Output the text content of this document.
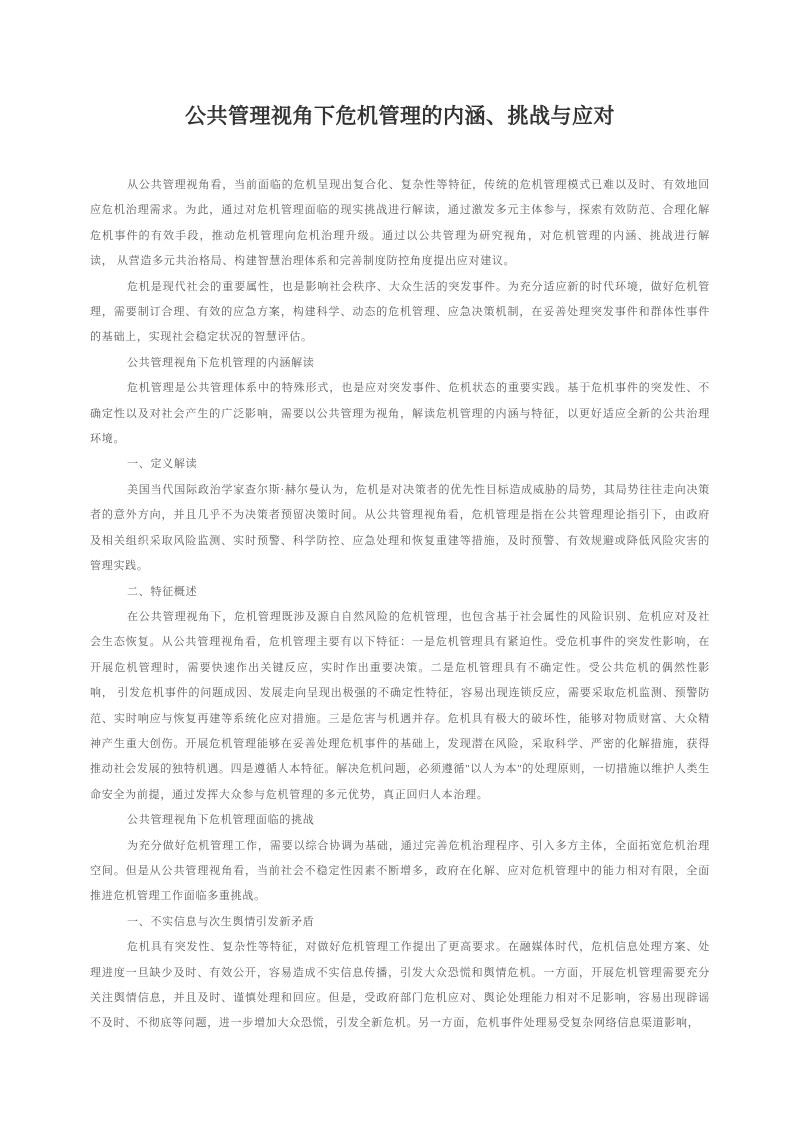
公共管理视角下危机管理的内涵、挑战与应对

从公共管理视角看，当前面临的危机呈现出复合化、复杂性等特征，传统的危机管理模式已难以及时、有效地回应危机治理需求。为此，通过对危机管理面临的现实挑战进行解读，通过激发多元主体参与，探索有效防范、合理化解危机事件的有效手段，推动危机管理向危机治理升级。通过以公共管理为研究视角，对危机管理的内涵、挑战进行解读， 从营造多元共治格局、构建智慧治理体系和完善制度防控角度提出应对建议。

危机是现代社会的重要属性，也是影响社会秩序、大众生活的突发事件。为充分适应新的时代环境，做好危机管理，需要制订合理、有效的应急方案，构建科学、动态的危机管理、应急决策机制，在妥善处理突发事件和群体性事件的基础上，实现社会稳定状况的智慧评估。

公共管理视角下危机管理的内涵解读

危机管理是公共管理体系中的特殊形式，也是应对突发事件、危机状态的重要实践。基于危机事件的突发性、不确定性以及对社会产生的广泛影响，需要以公共管理为视角，解读危机管理的内涵与特征，以更好适应全新的公共治理环境。

一、定义解读

美国当代国际政治学家查尔斯·赫尔曼认为，危机是对决策者的优先性目标造成威胁的局势，其局势往往走向决策者的意外方向，并且几乎不为决策者预留决策时间。从公共管理视角看，危机管理是指在公共管理理论指引下，由政府及相关组织采取风险监测、实时预警、科学防控、应急处理和恢复重建等措施，及时预警、有效规避或降低风险灾害的管理实践。

二、特征概述

在公共管理视角下，危机管理既涉及源自自然风险的危机管理，也包含基于社会属性的风险识别、危机应对及社会生态恢复。从公共管理视角看，危机管理主要有以下特征：一是危机管理具有紧迫性。受危机事件的突发性影响，在开展危机管理时，需要快速作出关键反应，实时作出重要决策。二是危机管理具有不确定性。受公共危机的偶然性影响， 引发危机事件的问题成因、发展走向呈现出极强的不确定性特征，容易出现连锁反应，需要采取危机监测、预警防范、实时响应与恢复再建等系统化应对措施。三是危害与机遇并存。危机具有极大的破坏性，能够对物质财富、大众精神产生重大创伤。开展危机管理能够在妥善处理危机事件的基础上，发现潜在风险，采取科学、严密的化解措施，获得推动社会发展的独特机遇。四是遵循人本特征。解决危机问题，必须遵循"以人为本"的处理原则，一切措施以维护人类生命安全为前提，通过发挥大众参与危机管理的多元优势，真正回归人本治理。

公共管理视角下危机管理面临的挑战

为充分做好危机管理工作，需要以综合协调为基础，通过完善危机治理程序、引入多方主体，全面拓宽危机治理空间。但是从公共管理视角看，当前社会不稳定性因素不断增多，政府在化解、应对危机管理中的能力相对有限，全面推进危机管理工作面临多重挑战。

一、不实信息与次生舆情引发新矛盾

危机具有突发性、复杂性等特征，对做好危机管理工作提出了更高要求。在融媒体时代，危机信息处理方案、处理进度一旦缺少及时、有效公开，容易造成不实信息传播，引发大众恐慌和舆情危机。一方面，开展危机管理需要充分关注舆情信息，并且及时、谨慎处理和回应。但是，受政府部门危机应对、舆论处理能力相对不足影响，容易出现辟谣不及时、不彻底等问题，进一步增加大众恐慌，引发全新危机。另一方面，危机事件处理易受复杂网络信息渠道影响，
